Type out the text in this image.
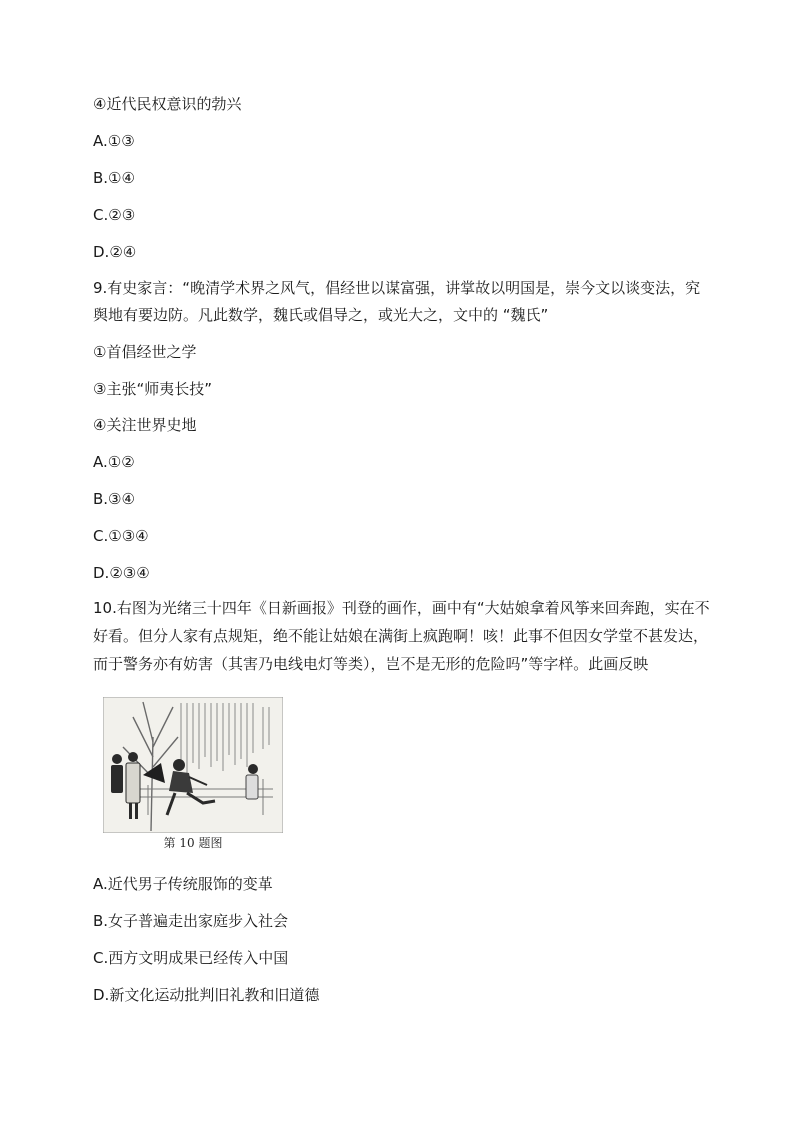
④近代民权意识的勃兴
A.①③
B.①④
C.②③
D.②④
9.有史家言：“晚清学术界之风气，倡经世以谋富强，讲掌故以明国是，崇今文以谈变法，究
舆地有要边防。凡此数学，魏氏或倡导之，或光大之，文中的 “魏氏”
①首倡经世之学
③主张“师夷长技”
④关注世界史地
A.①②
B.③④
C.①③④
D.②③④
10.右图为光绪三十四年《日新画报》刊登的画作，画中有“大姑娘拿着风筝来回奔跑，实在不
好看。但分人家有点规矩，绝不能让姑娘在满街上疯跑啊！咳！此事不但因女学堂不甚发达，
而于警务亦有妨害（其害乃电线电灯等类），岂不是无形的危险吗”等字样。此画反映
第 10 题图
A.近代男子传统服饰的变革
B.女子普遍走出家庭步入社会
C.西方文明成果已经传入中国
D.新文化运动批判旧礼教和旧道德
